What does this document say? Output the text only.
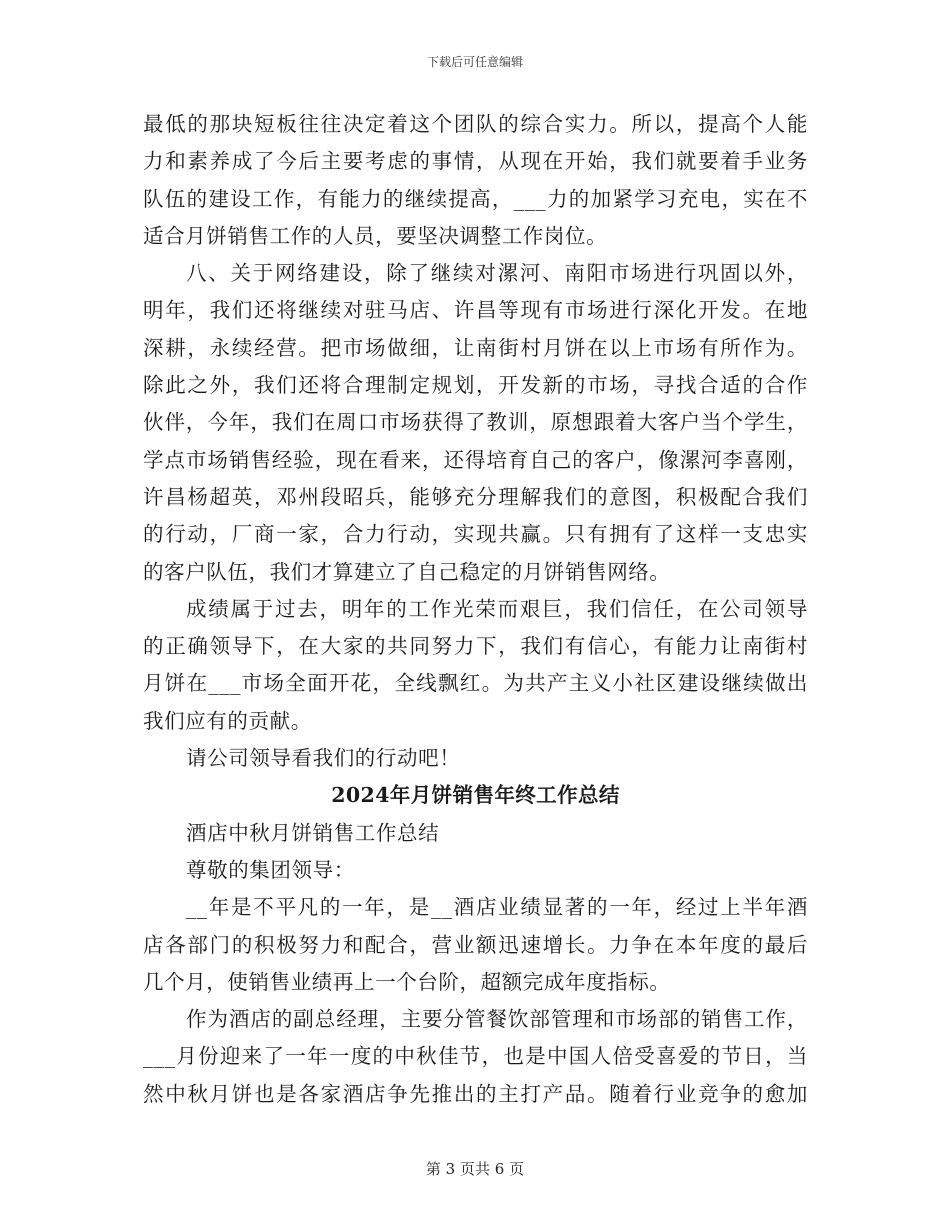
下载后可任意编辑
最低的那块短板往往决定着这个团队的综合实力。所以，提高个人能
力和素养成了今后主要考虑的事情，从现在开始，我们就要着手业务
队伍的建设工作，有能力的继续提高，___力的加紧学习充电，实在不
适合月饼销售工作的人员，要坚决调整工作岗位。
八、关于网络建设，除了继续对漯河、南阳市场进行巩固以外，
明年，我们还将继续对驻马店、许昌等现有市场进行深化开发。在地
深耕，永续经营。把市场做细，让南街村月饼在以上市场有所作为。
除此之外，我们还将合理制定规划，开发新的市场，寻找合适的合作
伙伴，今年，我们在周口市场获得了教训，原想跟着大客户当个学生，
学点市场销售经验，现在看来，还得培育自己的客户，像漯河李喜刚，
许昌杨超英，邓州段昭兵，能够充分理解我们的意图，积极配合我们
的行动，厂商一家，合力行动，实现共赢。只有拥有了这样一支忠实
的客户队伍，我们才算建立了自己稳定的月饼销售网络。
成绩属于过去，明年的工作光荣而艰巨，我们信任，在公司领导
的正确领导下，在大家的共同努力下，我们有信心，有能力让南街村
月饼在___市场全面开花，全线飘红。为共产主义小社区建设继续做出
我们应有的贡献。
请公司领导看我们的行动吧！
2024年月饼销售年终工作总结
酒店中秋月饼销售工作总结
尊敬的集团领导：
__年是不平凡的一年，是__酒店业绩显著的一年，经过上半年酒
店各部门的积极努力和配合，营业额迅速增长。力争在本年度的最后
几个月，使销售业绩再上一个台阶，超额完成年度指标。
作为酒店的副总经理，主要分管餐饮部管理和市场部的销售工作，
___月份迎来了一年一度的中秋佳节，也是中国人倍受喜爱的节日，当
然中秋月饼也是各家酒店争先推出的主打产品。随着行业竞争的愈加
第 3 页共 6 页
